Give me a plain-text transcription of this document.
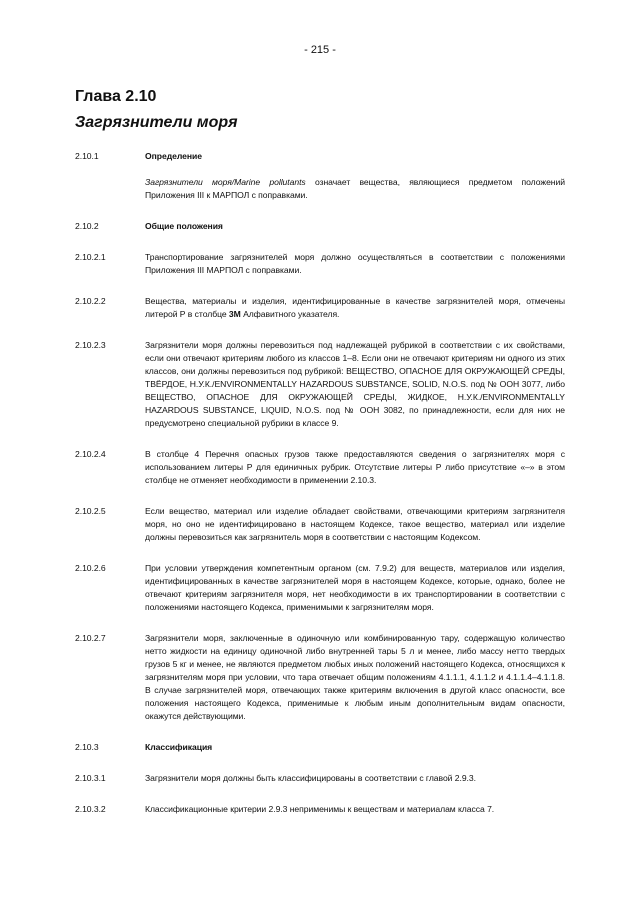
- 215 -
Глава 2.10
Загрязнители моря
2.10.1	Определение
Загрязнители моря/Marine pollutants означает вещества, являющиеся предметом положений Приложения III к МАРПОЛ с поправками.
2.10.2	Общие положения
2.10.2.1	Транспортирование загрязнителей моря должно осуществляться в соответствии с положениями Приложения III МАРПОЛ с поправками.
2.10.2.2	Вещества, материалы и изделия, идентифицированные в качестве загрязнителей моря, отмечены литерой Р в столбце 3М Алфавитного указателя.
2.10.2.3	Загрязнители моря должны перевозиться под надлежащей рубрикой в соответствии с их свойствами, если они отвечают критериям любого из классов 1–8. Если они не отвечают критериям ни одного из этих классов, они должны перевозиться под рубрикой: ВЕЩЕСТВО, ОПАСНОЕ ДЛЯ ОКРУЖАЮЩЕЙ СРЕДЫ, ТВЁРДОЕ, Н.У.К./ENVIRONMENTALLY HAZARDOUS SUBSTANCE, SOLID, N.O.S. под № ООН 3077, либо ВЕЩЕСТВО, ОПАСНОЕ ДЛЯ ОКРУЖАЮЩЕЙ СРЕДЫ, ЖИДКОЕ, Н.У.К./ENVIRONMENTALLY HAZARDOUS SUBSTANCE, LIQUID, N.O.S. под № ООН 3082, по принадлежности, если для них не предусмотрено специальной рубрики в классе 9.
2.10.2.4	В столбце 4 Перечня опасных грузов также предоставляются сведения о загрязнителях моря с использованием литеры Р для единичных рубрик. Отсутствие литеры Р либо присутствие «–» в этом столбце не отменяет необходимости в применении 2.10.3.
2.10.2.5	Если вещество, материал или изделие обладает свойствами, отвечающими критериям загрязнителя моря, но оно не идентифицировано в настоящем Кодексе, такое вещество, материал или изделие должны перевозиться как загрязнитель моря в соответствии с настоящим Кодексом.
2.10.2.6	При условии утверждения компетентным органом (см. 7.9.2) для веществ, материалов или изделия, идентифицированных в качестве загрязнителей моря в настоящем Кодексе, которые, однако, более не отвечают критериям загрязнителя моря, нет необходимости в их транспортировании в соответствии с положениями настоящего Кодекса, применимыми к загрязнителям моря.
2.10.2.7	Загрязнители моря, заключенные в одиночную или комбинированную тару, содержащую количество нетто жидкости на единицу одиночной либо внутренней тары 5 л и менее, либо массу нетто твердых грузов 5 кг и менее, не являются предметом любых иных положений настоящего Кодекса, относящихся к загрязнителям моря при условии, что тара отвечает общим положениям 4.1.1.1, 4.1.1.2 и 4.1.1.4–4.1.1.8. В случае загрязнителей моря, отвечающих также критериям включения в другой класс опасности, все положения настоящего Кодекса, применимые к любым иным дополнительным видам опасности, окажутся действующими.
2.10.3	Классификация
2.10.3.1	Загрязнители моря должны быть классифицированы в соответствии с главой 2.9.3.
2.10.3.2	Классификационные критерии 2.9.3 неприменимы к веществам и материалам класса 7.
